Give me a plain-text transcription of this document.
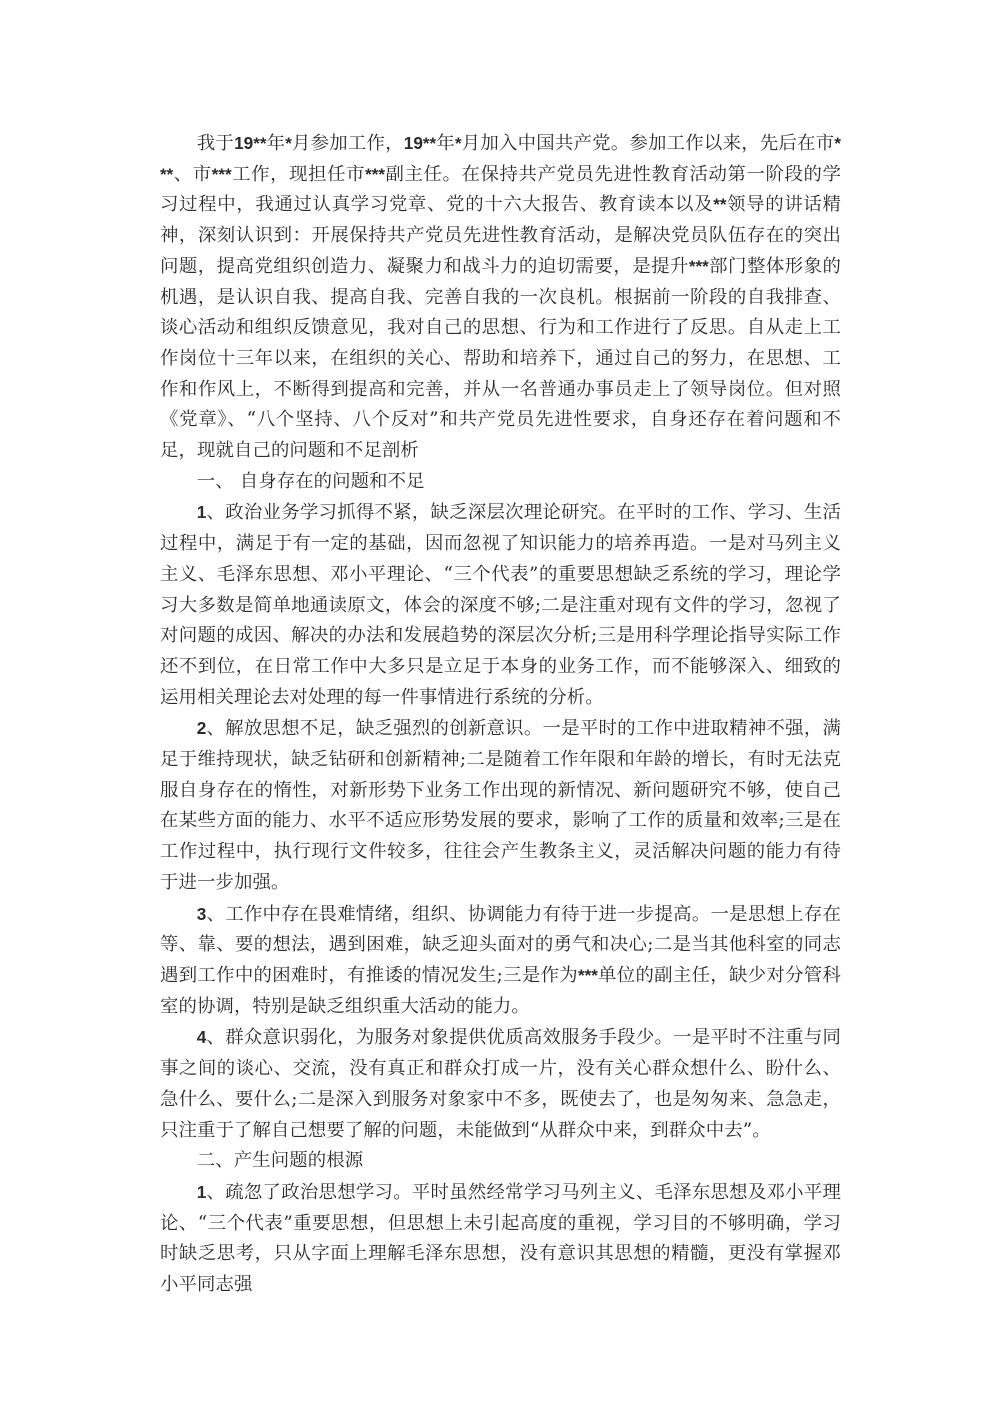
我于19**年*月参加工作，19**年*月加入中国共产党。参加工作以来，先后在市***、市***工作，现担任市***副主任。在保持共产党员先进性教育活动第一阶段的学习过程中，我通过认真学习党章、党的十六大报告、教育读本以及**领导的讲话精神，深刻认识到：开展保持共产党员先进性教育活动，是解决党员队伍存在的突出问题，提高党组织创造力、凝聚力和战斗力的迫切需要，是提升***部门整体形象的机遇，是认识自我、提高自我、完善自我的一次良机。根据前一阶段的自我排查、谈心活动和组织反馈意见，我对自己的思想、行为和工作进行了反思。自从走上工作岗位十三年以来，在组织的关心、帮助和培养下，通过自己的努力，在思想、工作和作风上，不断得到提高和完善，并从一名普通办事员走上了领导岗位。但对照《党章》、“八个坚持、八个反对”和共产党员先进性要求，自身还存在着问题和不足，现就自己的问题和不足剖析

一、 自身存在的问题和不足

1、政治业务学习抓得不紧，缺乏深层次理论研究。在平时的工作、学习、生活过程中，满足于有一定的基础，因而忽视了知识能力的培养再造。一是对马列主义主义、毛泽东思想、邓小平理论、“三个代表”的重要思想缺乏系统的学习，理论学习大多数是简单地通读原文，体会的深度不够;二是注重对现有文件的学习，忽视了对问题的成因、解决的办法和发展趋势的深层次分析;三是用科学理论指导实际工作还不到位，在日常工作中大多只是立足于本身的业务工作，而不能够深入、细致的运用相关理论去对处理的每一件事情进行系统的分析。

2、解放思想不足，缺乏强烈的创新意识。一是平时的工作中进取精神不强，满足于维持现状，缺乏钻研和创新精神;二是随着工作年限和年龄的增长，有时无法克服自身存在的惰性，对新形势下业务工作出现的新情况、新问题研究不够，使自己在某些方面的能力、水平不适应形势发展的要求，影响了工作的质量和效率;三是在工作过程中，执行现行文件较多，往往会产生教条主义，灵活解决问题的能力有待于进一步加强。

3、工作中存在畏难情绪，组织、协调能力有待于进一步提高。一是思想上存在等、靠、要的想法，遇到困难，缺乏迎头面对的勇气和决心;二是当其他科室的同志遇到工作中的困难时，有推诿的情况发生;三是作为***单位的副主任，缺少对分管科室的协调，特别是缺乏组织重大活动的能力。

4、群众意识弱化，为服务对象提供优质高效服务手段少。一是平时不注重与同事之间的谈心、交流，没有真正和群众打成一片，没有关心群众想什么、盼什么、急什么、要什么;二是深入到服务对象家中不多，既使去了，也是匆匆来、急急走，只注重于了解自己想要了解的问题，未能做到“从群众中来，到群众中去”。

二、产生问题的根源

1、疏忽了政治思想学习。平时虽然经常学习马列主义、毛泽东思想及邓小平理论、“三个代表”重要思想，但思想上未引起高度的重视，学习目的不够明确，学习时缺乏思考，只从字面上理解毛泽东思想，没有意识其思想的精髓，更没有掌握邓小平同志强
